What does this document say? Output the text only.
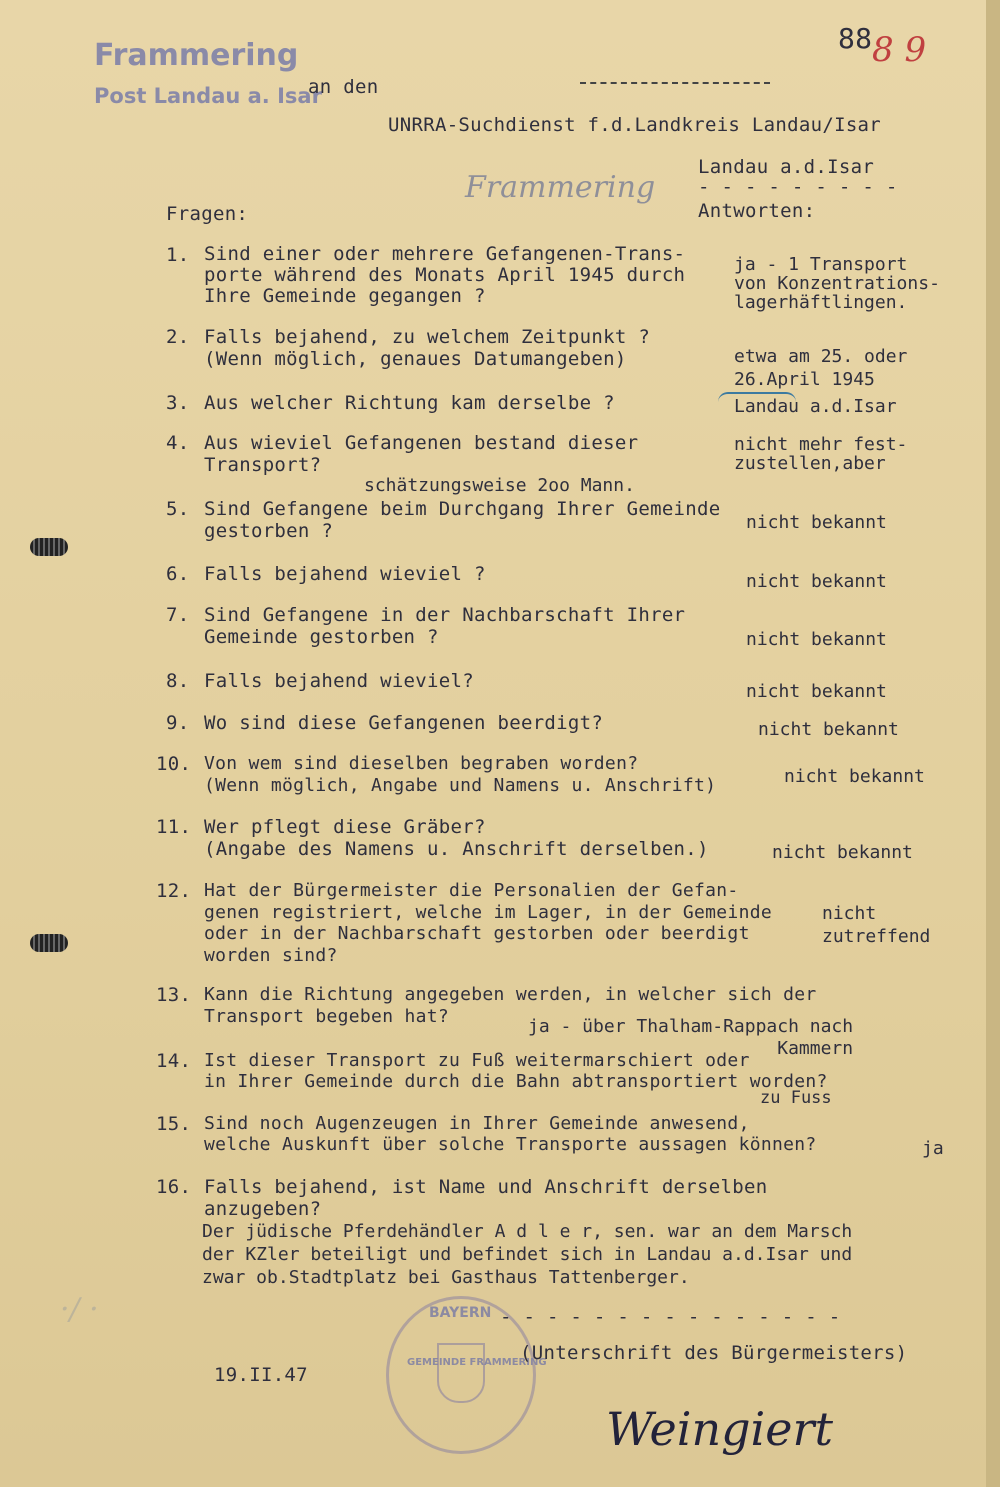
Frammering
Post Landau a. Isar
88 8 9
an den
UNRRA-Suchdienst f.d.Landkreis Landau/Isar
Frammering
Landau a.d.Isar
- - - - - - - - -
Fragen:	Antworten:
1. Sind einer oder mehrere Gefangenen-Trans-
porte während des Monats April 1945 durch
Ihre Gemeinde gegangen ?
ja - 1 Transport
von Konzentrations-
lagerhäftlingen.
2. Falls bejahend, zu welchem Zeitpunkt ?
(Wenn möglich, genaues Datumangeben)	etwa am 25. oder
26.April 1945
3. Aus welcher Richtung kam derselbe ?	Landau a.d.Isar
4. Aus wieviel Gefangenen bestand dieser
Transport?
nicht mehr fest-
zustellen,aber
schätzungsweise 2oo Mann.
5. Sind Gefangene beim Durchgang Ihrer Gemeinde
gestorben ?	nicht bekannt
6. Falls bejahend wieviel ?	nicht bekannt
7. Sind Gefangene in der Nachbarschaft Ihrer
Gemeinde gestorben ?	nicht bekannt
8. Falls bejahend wieviel?	nicht bekannt
9. Wo sind diese Gefangenen beerdigt?	nicht bekannt
10. Von wem sind dieselben begraben worden?
(Wenn möglich, Angabe und Namens u. Anschrift)	nicht bekannt
11. Wer pflegt diese Gräber?
(Angabe des Namens u. Anschrift derselben.)	nicht bekannt
12. Hat der Bürgermeister die Personalien der Gefan-
genen registriert, welche im Lager, in der Gemeinde
oder in der Nachbarschaft gestorben oder beerdigt
worden sind?
nicht
zutreffend
13. Kann die Richtung angegeben werden, in welcher sich der
Transport begeben hat?	ja - über Thalham-Rappach nach
Kammern
14. Ist dieser Transport zu Fuß weitermarschiert oder
in Ihrer Gemeinde durch die Bahn abtransportiert worden?
zu Fuss
15. Sind noch Augenzeugen in Ihrer Gemeinde anwesend,
welche Auskunft über solche Transporte aussagen können?	ja
16. Falls bejahend, ist Name und Anschrift derselben
anzugeben?
Der jüdische Pferdehändler A d l e r, sen. war an dem Marsch
der KZler beteiligt und befindet sich in Landau a.d.Isar und
zwar ob.Stadtplatz bei Gasthaus Tattenberger.

BAYERN

GEMEINDE FRAMMERING

- - - - - - - - - - - - - - -
(Unterschrift des Bürgermeisters)
19.II.47
Weingiert
·/ ·
